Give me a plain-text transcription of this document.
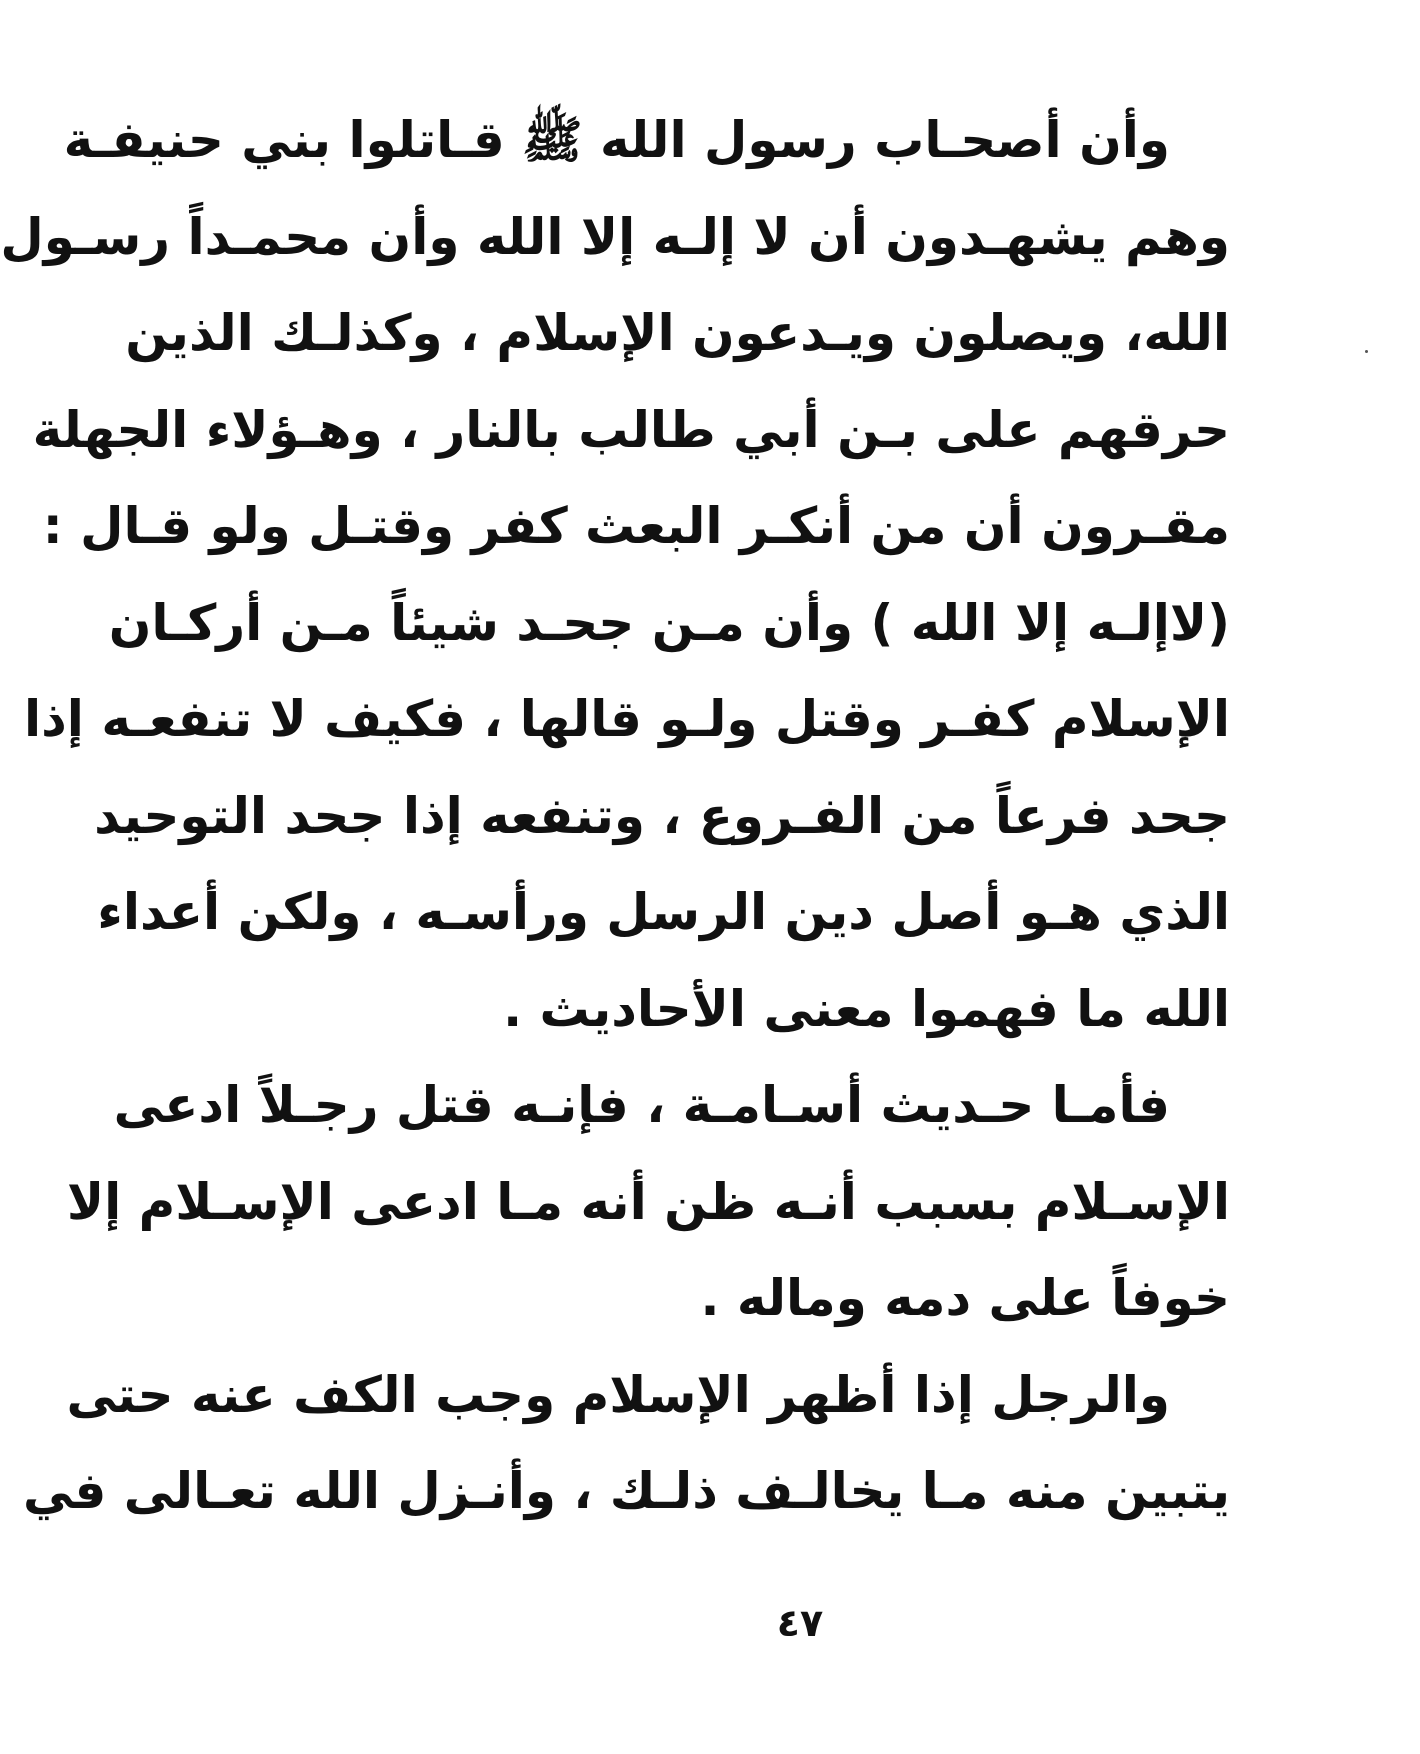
وأن أصحـاب رسول الله ﷺ قـاتلوا بني حنيفـة
وهم يشهـدون أن لا إلـه إلا الله وأن محمـداً رسـول
الله، ويصلون ويـدعون الإسلام ، وكذلـك الذين
حرقهم على بـن أبي طالب بالنار ، وهـؤلاء الجهلة
مقـرون أن من أنكـر البعث كفر وقتـل ولو قـال :
(لاإلـه إلا الله ) وأن مـن جحـد شيئاً مـن أركـان
الإسلام كفـر وقتل ولـو قالها ، فكيف لا تنفعـه إذا
جحد فرعاً من الفـروع ، وتنفعه إذا جحد التوحيد
الذي هـو أصل دين الرسل ورأسـه ، ولكن أعداء
الله ما فهموا معنى الأحاديث .
فأمـا حـديث أسـامـة ، فإنـه قتل رجـلاً ادعى
الإسـلام بسبب أنـه ظن أنه مـا ادعى الإسـلام إلا
خوفاً على دمه وماله .
والرجل إذا أظهر الإسلام وجب الكف عنه حتى
يتبين منه مـا يخالـف ذلـك ، وأنـزل الله تعـالى في
٤٧
